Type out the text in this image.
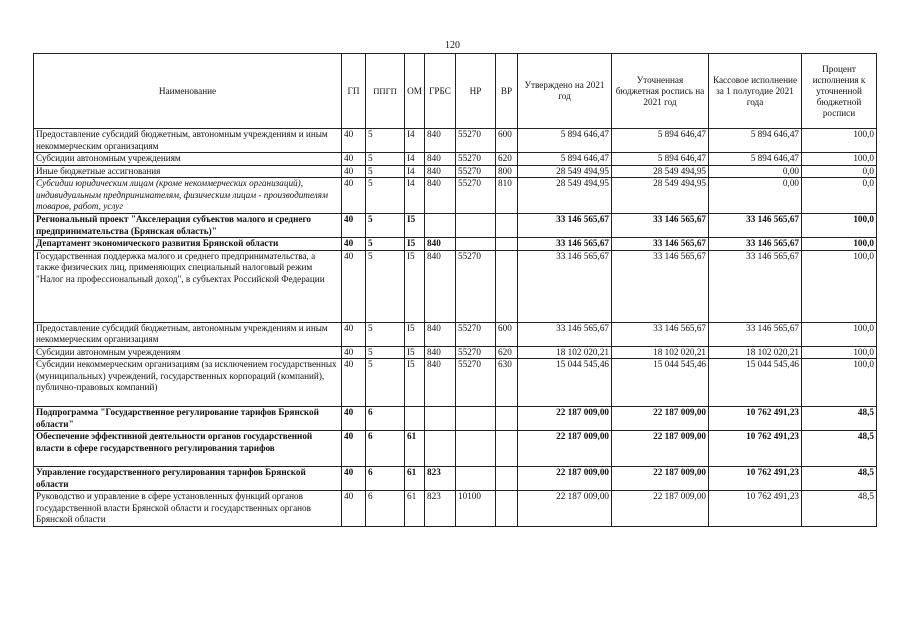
120
Наименование	ГП	ППГП	ОМ	ГРБС	НР	ВР	Утверждено на 2021 год	Уточненная бюджетная роспись на 2021 год	Кассовое исполнение за 1 полугодие 2021 года	Процент исполнения к уточненной бюджетной росписи
Предоставление субсидий бюджетным, автономным учреждениям и иным некоммерческим организациям	40	5	I4	840	55270	600	5 894 646,47	5 894 646,47	5 894 646,47	100,0
Субсидии автономным учреждениям	40	5	I4	840	55270	620	5 894 646,47	5 894 646,47	5 894 646,47	100,0
Иные бюджетные ассигнования	40	5	I4	840	55270	800	28 549 494,95	28 549 494,95	0,00	0,0
Субсидии юридическим лицам (кроме некоммерческих организаций), индивидуальным предпринимателям, физическим лицам - производителям товаров, работ, услуг	40	5	I4	840	55270	810	28 549 494,95	28 549 494,95	0,00	0,0
Региональный проект "Акселерация субъектов малого и среднего предпринимательства (Брянская область)"	40	5	I5				33 146 565,67	33 146 565,67	33 146 565,67	100,0
Департамент экономического развития Брянской области	40	5	I5	840			33 146 565,67	33 146 565,67	33 146 565,67	100,0
Государственная поддержка малого и среднего предпринимательства, а также физических лиц, применяющих специальный налоговый режим "Налог на профессиональный доход", в субъектах Российской Федерации	40	5	I5	840	55270		33 146 565,67	33 146 565,67	33 146 565,67	100,0
Предоставление субсидий бюджетным, автономным учреждениям и иным некоммерческим организациям	40	5	I5	840	55270	600	33 146 565,67	33 146 565,67	33 146 565,67	100,0
Субсидии автономным учреждениям	40	5	I5	840	55270	620	18 102 020,21	18 102 020,21	18 102 020,21	100,0
Субсидии некоммерческим организациям (за исключением государственных (муниципальных) учреждений, государственных корпораций (компаний), публично-правовых компаний)	40	5	I5	840	55270	630	15 044 545,46	15 044 545,46	15 044 545,46	100,0
Подпрограмма "Государственное регулирование тарифов Брянской области"	40	6					22 187 009,00	22 187 009,00	10 762 491,23	48,5
Обеспечение эффективной деятельности органов государственной власти в сфере государственного регулирования тарифов	40	6	61				22 187 009,00	22 187 009,00	10 762 491,23	48,5
Управление государственного регулирования тарифов Брянской области	40	6	61	823			22 187 009,00	22 187 009,00	10 762 491,23	48,5
Руководство и управление в сфере установленных функций органов государственной власти Брянской области и государственных органов Брянской области	40	6	61	823	10100		22 187 009,00	22 187 009,00	10 762 491,23	48,5
